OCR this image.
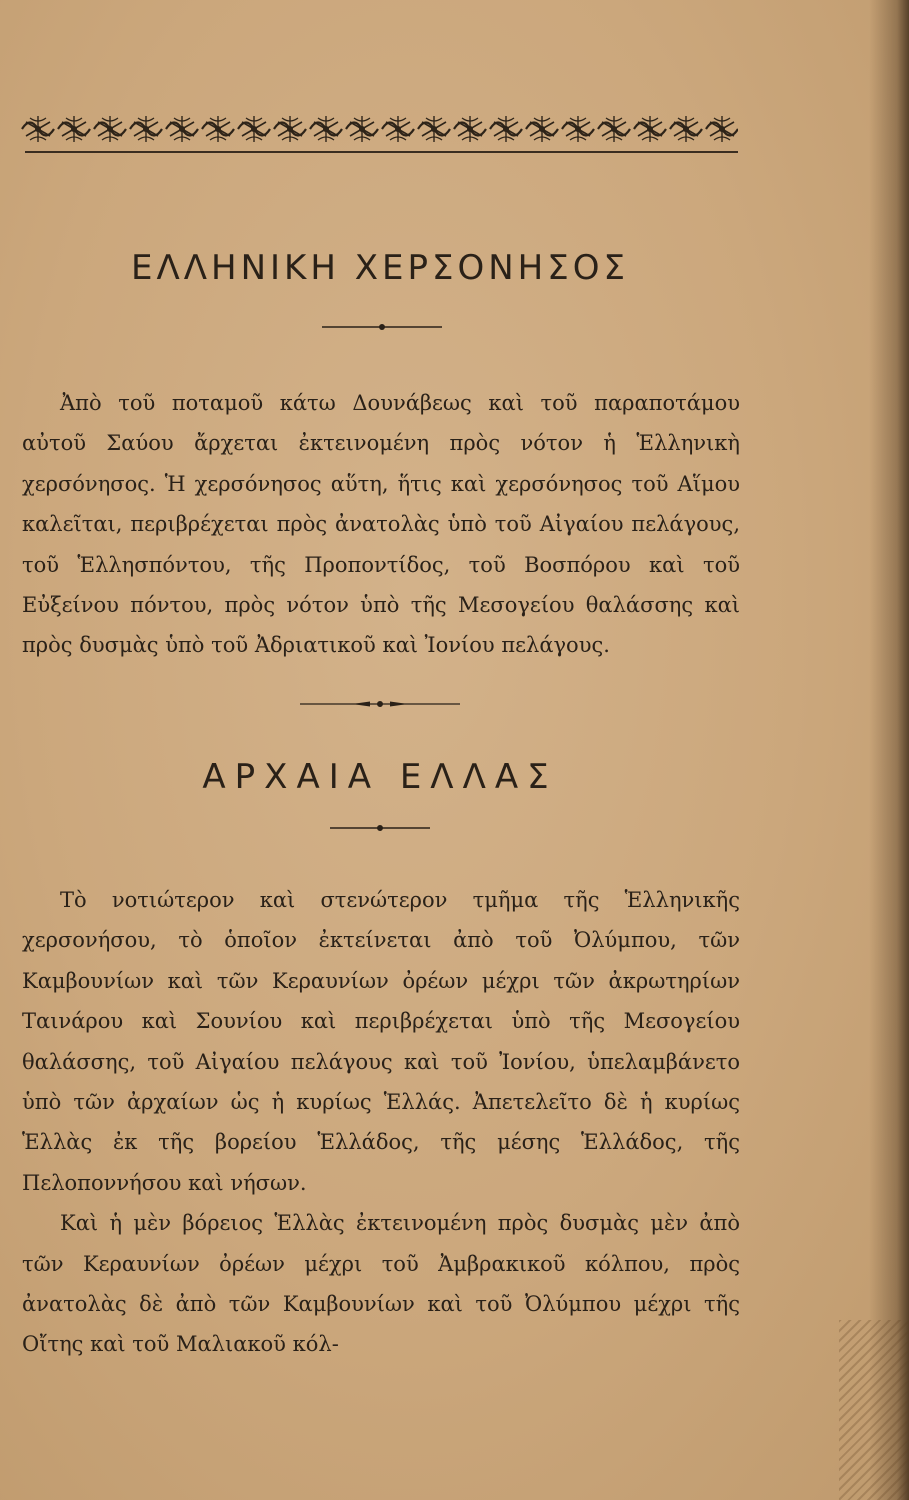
ΕΛΛΗΝΙΚΗ ΧΕΡΣΟΝΗΣΟΣ

Ἀπὸ τοῦ ποταμοῦ κάτω Δουνάβεως καὶ τοῦ παραποτάμου αὐτοῦ Σαύου ἄρχεται ἐκτεινομένη πρὸς νότον ἡ Ἑλληνικὴ χερσόνησος. Ἡ χερσόνησος αὕτη, ἥτις καὶ χερσόνησος τοῦ Αἵμου καλεῖται, περιβρέχεται πρὸς ἀνατολὰς ὑπὸ τοῦ Αἰγαίου πελάγους, τοῦ Ἑλλησπόντου, τῆς Προποντίδος, τοῦ Βοσπόρου καὶ τοῦ Εὐξείνου πόντου, πρὸς νότον ὑπὸ τῆς Μεσογείου θαλάσσης καὶ πρὸς δυσμὰς ὑπὸ τοῦ Ἀδριατικοῦ καὶ Ἰονίου πελάγους.

ΑΡΧΑΙΑ ΕΛΛΑΣ

Τὸ νοτιώτερον καὶ στενώτερον τμῆμα τῆς Ἑλληνικῆς χερσονήσου, τὸ ὁποῖον ἐκτείνεται ἀπὸ τοῦ Ὀλύμπου, τῶν Καμβουνίων καὶ τῶν Κεραυνίων ὀρέων μέχρι τῶν ἀκρωτηρίων Ταινάρου καὶ Σουνίου καὶ περιβρέχεται ὑπὸ τῆς Μεσογείου θαλάσσης, τοῦ Αἰγαίου πελάγους καὶ τοῦ Ἰονίου, ὑπελαμβάνετο ὑπὸ τῶν ἀρχαίων ὡς ἡ κυρίως Ἑλλάς. Ἀπετελεῖτο δὲ ἡ κυρίως Ἑλλὰς ἐκ τῆς βορείου Ἑλλάδος, τῆς μέσης Ἑλλάδος, τῆς Πελοποννήσου καὶ νήσων.

Καὶ ἡ μὲν βόρειος Ἑλλὰς ἐκτεινομένη πρὸς δυσμὰς μὲν ἀπὸ τῶν Κεραυνίων ὀρέων μέχρι τοῦ Ἀμβρακικοῦ κόλπου, πρὸς ἀνατολὰς δὲ ἀπὸ τῶν Καμβουνίων καὶ τοῦ Ὀλύμπου μέχρι τῆς Οἴτης καὶ τοῦ Μαλιακοῦ κόλ-
